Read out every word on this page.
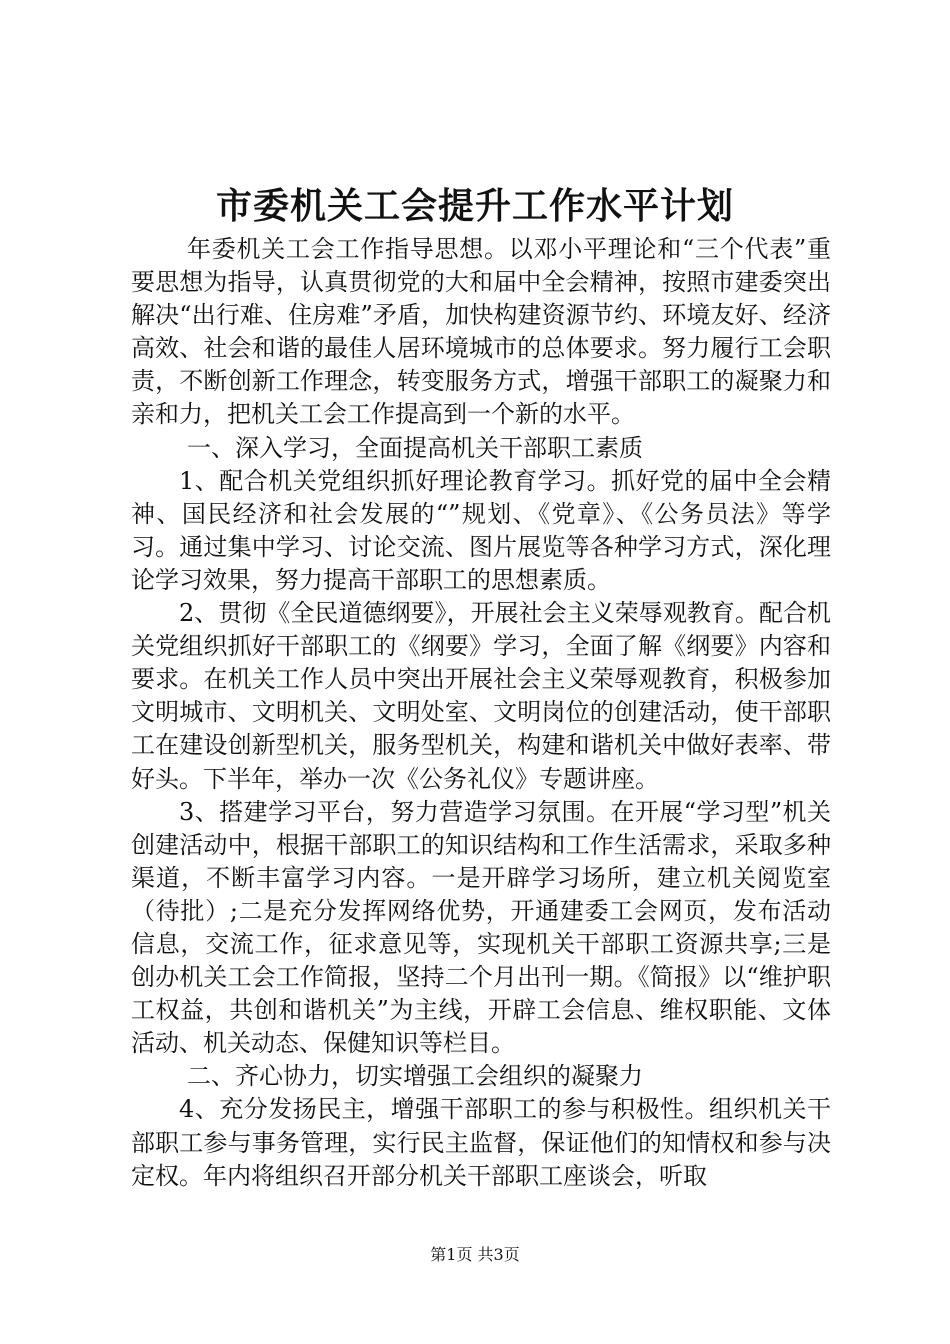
市委机关工会提升工作水平计划

年委机关工会工作指导思想。以邓小平理论和“三个代表”重要思想为指导，认真贯彻党的大和届中全会精神，按照市建委突出解决“出行难、住房难”矛盾，加快构建资源节约、环境友好、经济高效、社会和谐的最佳人居环境城市的总体要求。努力履行工会职责，不断创新工作理念，转变服务方式，增强干部职工的凝聚力和亲和力，把机关工会工作提高到一个新的水平。

一、深入学习，全面提高机关干部职工素质

1、配合机关党组织抓好理论教育学习。抓好党的届中全会精神、国民经济和社会发展的“”规划、《党章》、《公务员法》等学习。通过集中学习、讨论交流、图片展览等各种学习方式，深化理论学习效果，努力提高干部职工的思想素质。

2、贯彻《全民道德纲要》，开展社会主义荣辱观教育。配合机关党组织抓好干部职工的《纲要》学习，全面了解《纲要》内容和要求。在机关工作人员中突出开展社会主义荣辱观教育，积极参加文明城市、文明机关、文明处室、文明岗位的创建活动，使干部职工在建设创新型机关，服务型机关，构建和谐机关中做好表率、带好头。下半年，举办一次《公务礼仪》专题讲座。

3、搭建学习平台，努力营造学习氛围。在开展“学习型”机关创建活动中，根据干部职工的知识结构和工作生活需求，采取多种渠道，不断丰富学习内容。一是开辟学习场所，建立机关阅览室（待批）;二是充分发挥网络优势，开通建委工会网页，发布活动信息，交流工作，征求意见等，实现机关干部职工资源共享;三是创办机关工会工作简报，坚持二个月出刊一期。《简报》以“维护职工权益，共创和谐机关”为主线，开辟工会信息、维权职能、文体活动、机关动态、保健知识等栏目。

二、齐心协力，切实增强工会组织的凝聚力

4、充分发扬民主，增强干部职工的参与积极性。组织机关干部职工参与事务管理，实行民主监督，保证他们的知情权和参与决定权。年内将组织召开部分机关干部职工座谈会，听取

第1页 共3页
